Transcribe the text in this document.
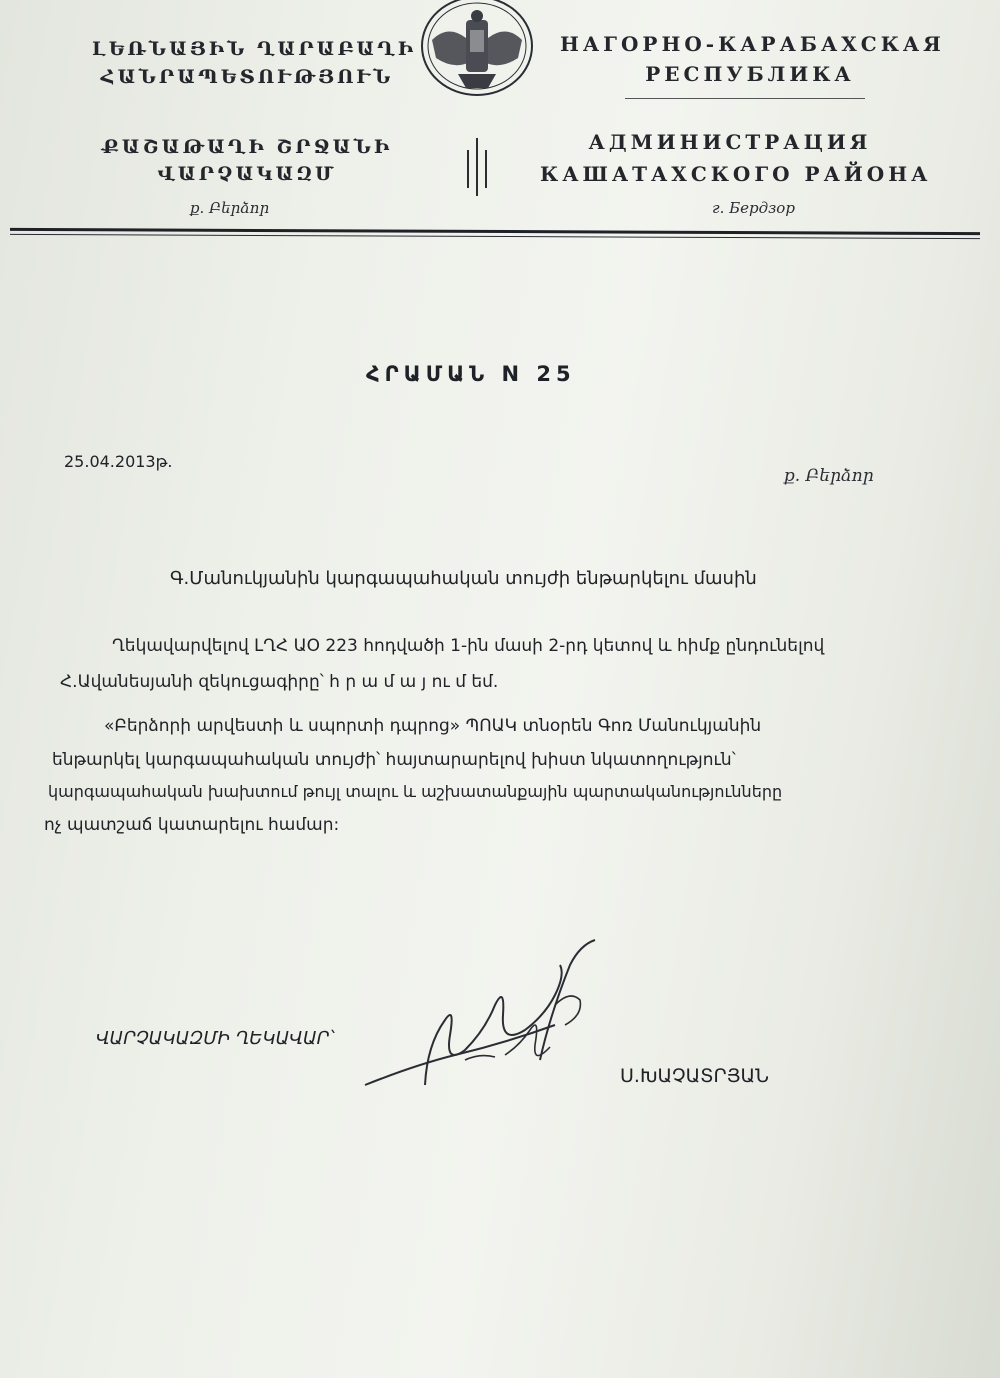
ԼԵՌՆԱՅԻՆ ՂԱՐԱԲԱՂԻ
ՀԱՆՐԱՊԵՏՈՒԹՅՈՒՆ
ՔԱՇԱԹԱՂԻ ՇՐՋԱՆԻ
ՎԱՐՉԱԿԱԶՄ
ք. Բերձոր
НАГОРНО-КАРАБАХСКАЯ
РЕСПУБЛИКА
АДМИНИСТРАЦИЯ
КАШАТАХСКОГО РАЙОНА
г. Бердзор
ՀՐԱՄԱՆ N 25
25.04.2013թ.
ք. Բերձոր
Գ.Մանուկյանին կարգապահական տույժի ենթարկելու մասին
Ղեկավարվելով ԼՂՀ ԱՕ 223 հոդվածի 1-ին մասի 2-րդ կետով և հիմք ընդունելով
Հ.Ավանեսյանի զեկուցագիրը՝ հ ր ա մ ա յ ու մ եմ.
«Բերձորի արվեստի և սպորտի դպրոց» ՊՈԱԿ տնօրեն Գոռ Մանուկյանին
ենթարկել կարգապահական տույժի՝ հայտարարելով խիստ նկատողություն՝
կարգապահական խախտում թույլ տալու և աշխատանքային պարտականությունները
ոչ պատշաճ կատարելու համար:
ՎԱՐՉԱԿԱԶՄԻ ՂԵԿԱՎԱՐ՝
Ս.ԽԱՉԱՏՐՅԱՆ
